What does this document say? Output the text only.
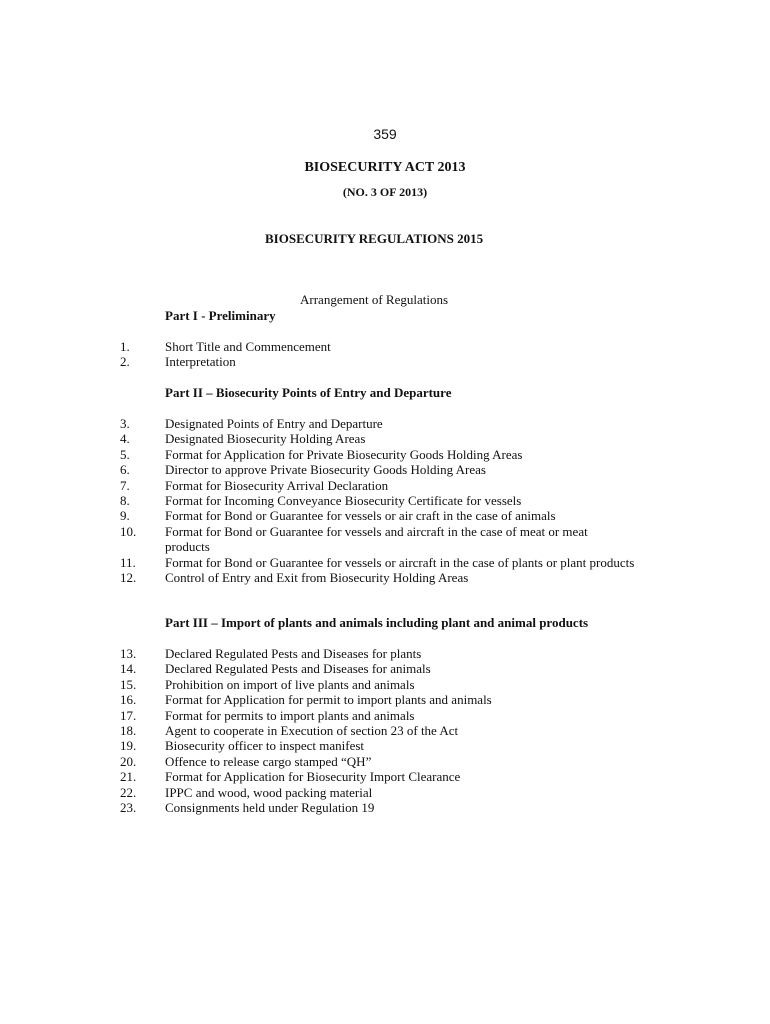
359
BIOSECURITY ACT 2013
(NO. 3 OF 2013)
BIOSECURITY REGULATIONS 2015
Arrangement of Regulations
Part I - Preliminary
1.	Short Title and Commencement
2.	Interpretation
Part II – Biosecurity Points of Entry and Departure
3.	Designated Points of Entry and Departure
4.	Designated Biosecurity Holding Areas
5.	Format for Application for Private Biosecurity Goods Holding Areas
6.	Director to approve Private Biosecurity Goods Holding Areas
7.	Format for Biosecurity Arrival Declaration
8.	Format for Incoming Conveyance Biosecurity Certificate for vessels
9.	Format for Bond or Guarantee for vessels or air craft in the case of animals
10.	Format for Bond or Guarantee for vessels and aircraft in the case of meat or meat products
11.	Format for Bond or Guarantee for vessels or aircraft in the case of plants or plant products
12.	Control of Entry and Exit from Biosecurity Holding Areas
Part III – Import of plants and animals including plant and animal products
13.	Declared Regulated Pests and Diseases for plants
14.	Declared Regulated Pests and Diseases for animals
15.	Prohibition on import of live plants and animals
16.	Format for Application for permit to import plants and animals
17.	Format for permits to import plants and animals
18.	Agent to cooperate in Execution of section 23 of the Act
19.	Biosecurity officer to inspect manifest
20.	Offence to release cargo stamped “QH”
21.	Format for Application for Biosecurity Import Clearance
22.	IPPC and wood, wood packing material
23.	Consignments held under Regulation 19
